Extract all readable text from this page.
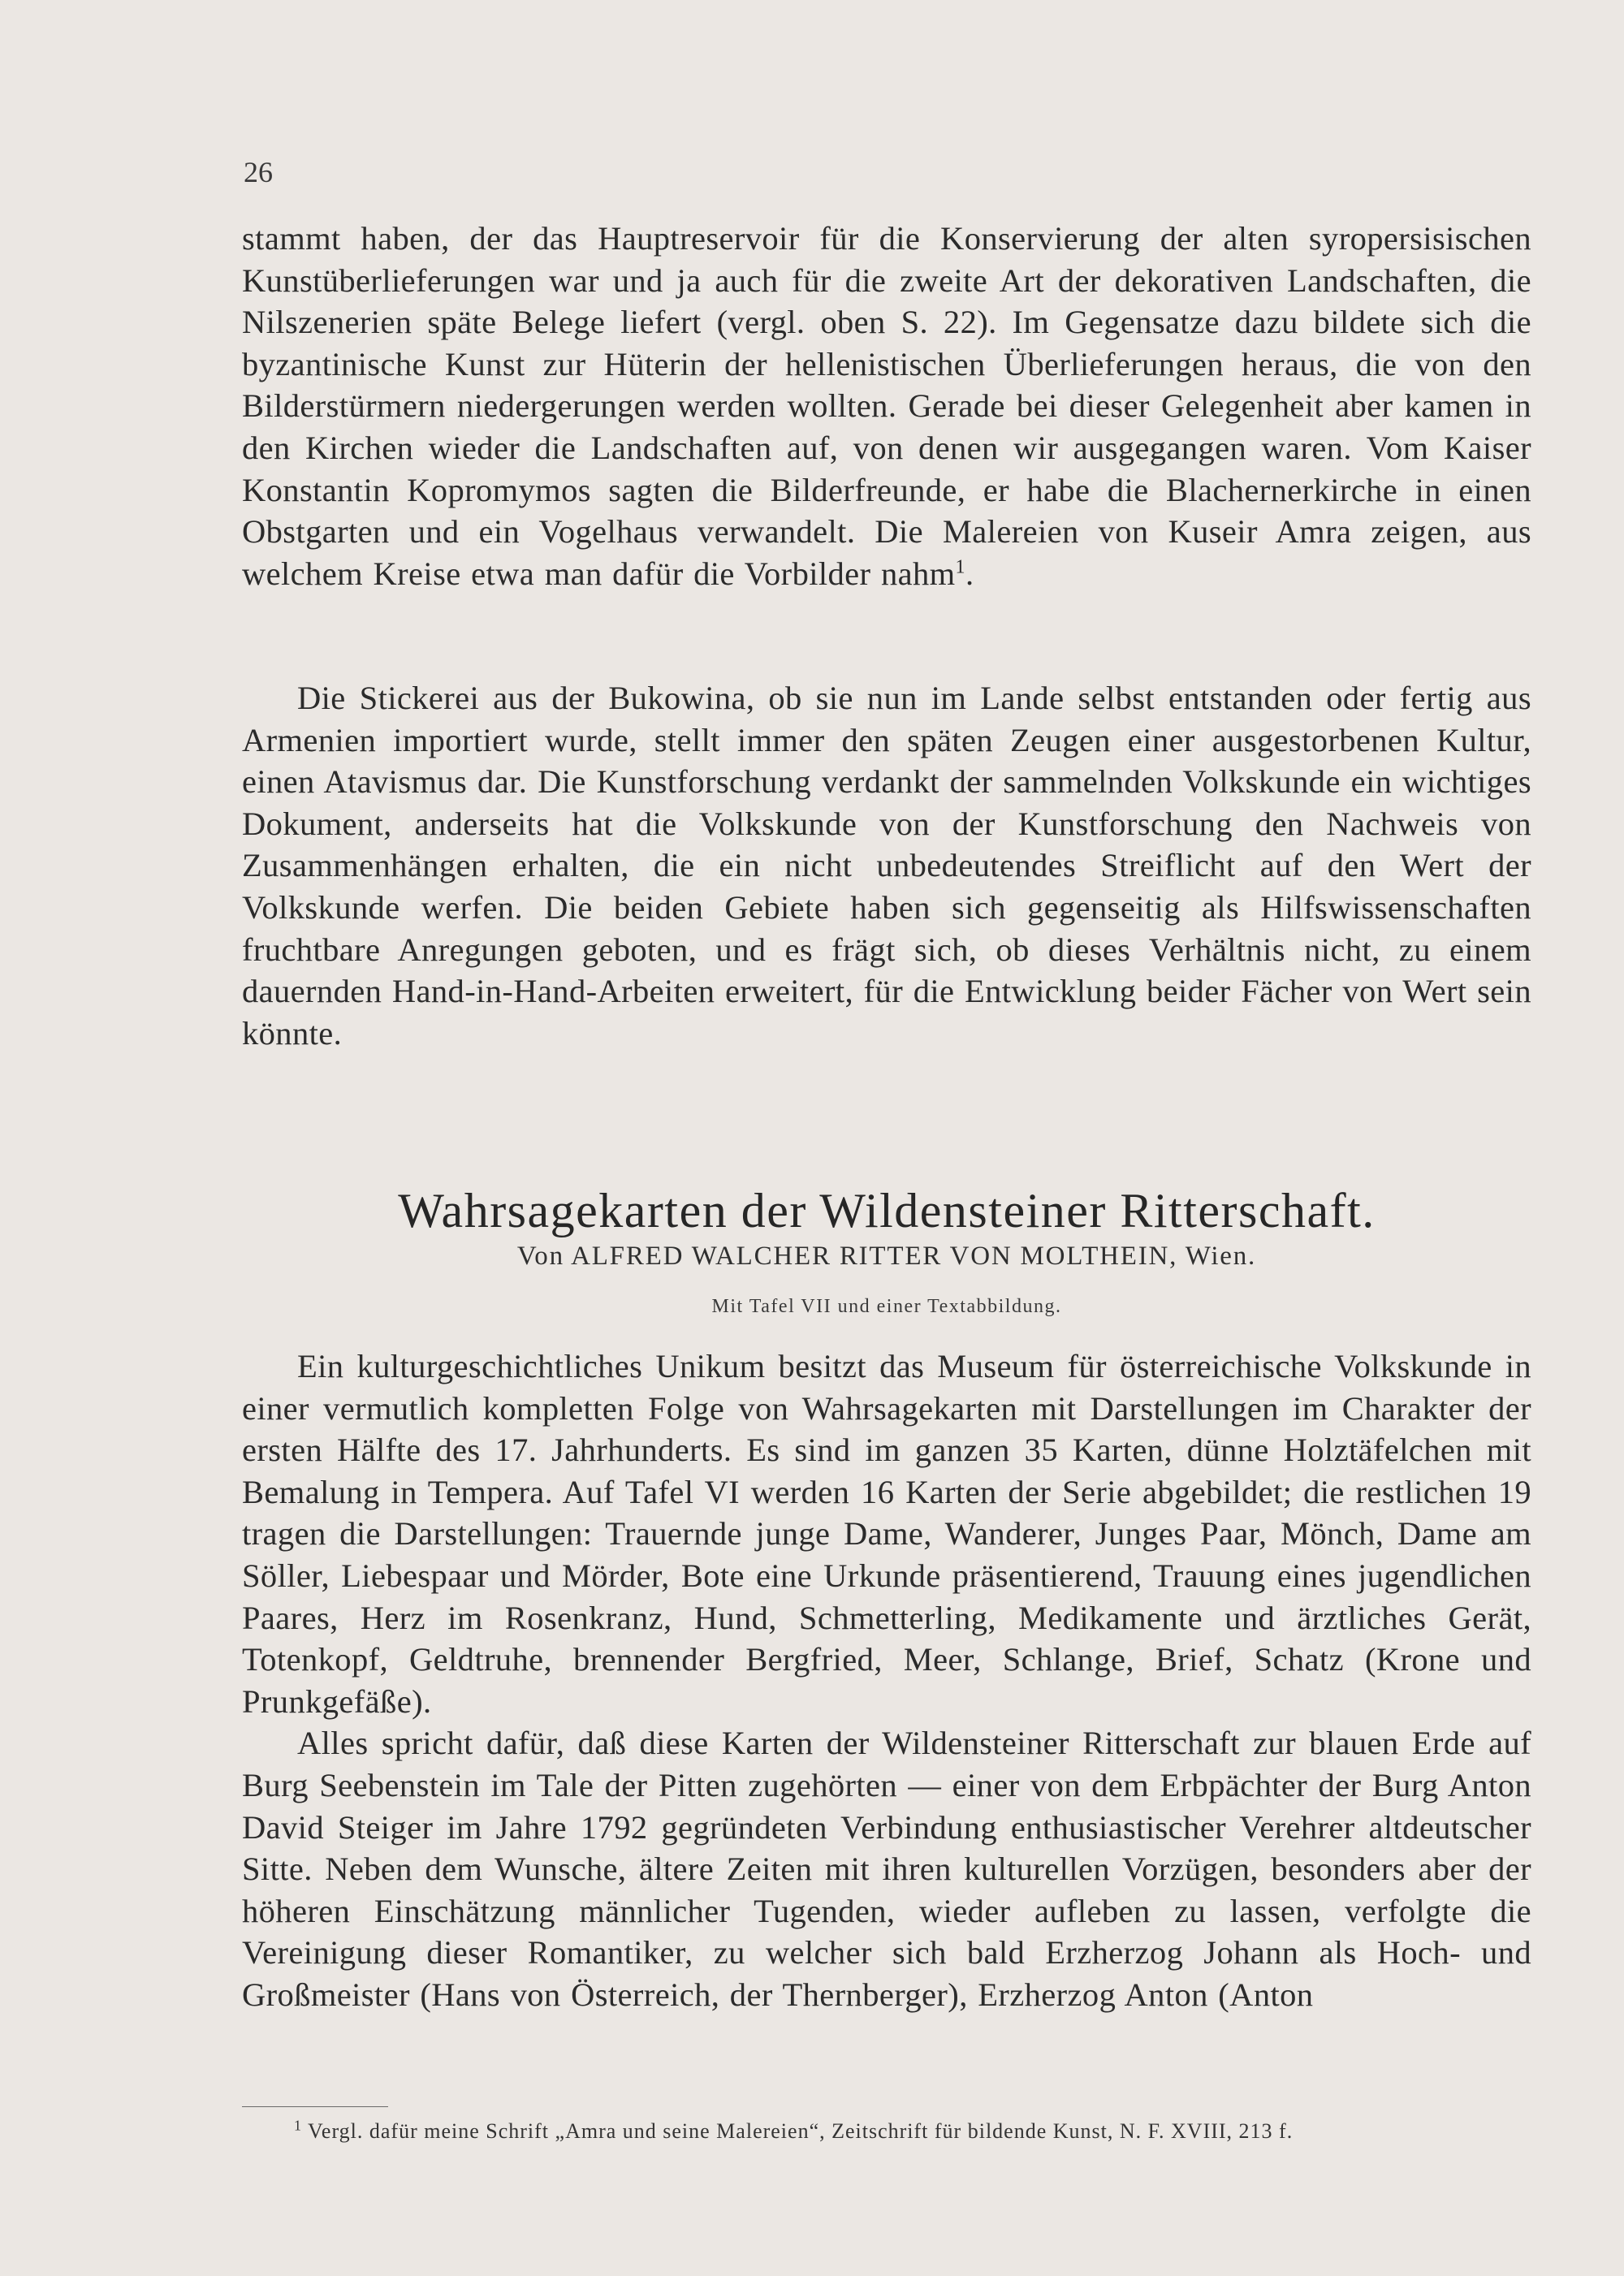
26

stammt haben, der das Hauptreservoir für die Konservierung der alten syropersisischen Kunstüberlieferungen war und ja auch für die zweite Art der dekorativen Landschaften, die Nilszenerien späte Belege liefert (vergl. oben S. 22). Im Gegensatze dazu bildete sich die byzantinische Kunst zur Hüterin der hellenistischen Überlieferungen heraus, die von den Bilderstürmern niedergerungen werden wollten. Gerade bei dieser Gelegenheit aber kamen in den Kirchen wieder die Landschaften auf, von denen wir ausgegangen waren. Vom Kaiser Konstantin Kopromymos sagten die Bilderfreunde, er habe die Blachernerkirche in einen Obstgarten und ein Vogelhaus verwandelt. Die Malereien von Kuseir Amra zeigen, aus welchem Kreise etwa man dafür die Vorbilder nahm$^1$.

Die Stickerei aus der Bukowina, ob sie nun im Lande selbst entstanden oder fertig aus Armenien importiert wurde, stellt immer den späten Zeugen einer ausgestorbenen Kultur, einen Atavismus dar. Die Kunstforschung verdankt der sammelnden Volkskunde ein wichtiges Dokument, anderseits hat die Volkskunde von der Kunstforschung den Nachweis von Zusammenhängen erhalten, die ein nicht unbedeutendes Streiflicht auf den Wert der Volkskunde werfen. Die beiden Gebiete haben sich gegenseitig als Hilfswissenschaften fruchtbare Anregungen geboten, und es frägt sich, ob dieses Verhältnis nicht, zu einem dauernden Hand-in-Hand-Arbeiten erweitert, für die Entwicklung beider Fächer von Wert sein könnte.

Wahrsagekarten der Wildensteiner Ritterschaft.
Von ALFRED WALCHER RITTER VON MOLTHEIN, Wien.
Mit Tafel VII und einer Textabbildung.

Ein kulturgeschichtliches Unikum besitzt das Museum für österreichische Volkskunde in einer vermutlich kompletten Folge von Wahrsagekarten mit Darstellungen im Charakter der ersten Hälfte des 17. Jahrhunderts. Es sind im ganzen 35 Karten, dünne Holztäfelchen mit Bemalung in Tempera. Auf Tafel VI werden 16 Karten der Serie abgebildet; die restlichen 19 tragen die Darstellungen: Trauernde junge Dame, Wanderer, Junges Paar, Mönch, Dame am Söller, Liebespaar und Mörder, Bote eine Urkunde präsentierend, Trauung eines jugendlichen Paares, Herz im Rosenkranz, Hund, Schmetterling, Medikamente und ärztliches Gerät, Totenkopf, Geldtruhe, brennender Bergfried, Meer, Schlange, Brief, Schatz (Krone und Prunkgefäße).

Alles spricht dafür, daß diese Karten der Wildensteiner Ritterschaft zur blauen Erde auf Burg Seebenstein im Tale der Pitten zugehörten — einer von dem Erbpächter der Burg Anton David Steiger im Jahre 1792 gegründeten Verbindung enthusiastischer Verehrer altdeutscher Sitte. Neben dem Wunsche, ältere Zeiten mit ihren kulturellen Vorzügen, besonders aber der höheren Einschätzung männlicher Tugenden, wieder aufleben zu lassen, verfolgte die Vereinigung dieser Romantiker, zu welcher sich bald Erzherzog Johann als Hoch- und Großmeister (Hans von Österreich, der Thernberger), Erzherzog Anton (Anton

$^1$ Vergl. dafür meine Schrift „Amra und seine Malereien“, Zeitschrift für bildende Kunst, N. F. XVIII, 213 f.
